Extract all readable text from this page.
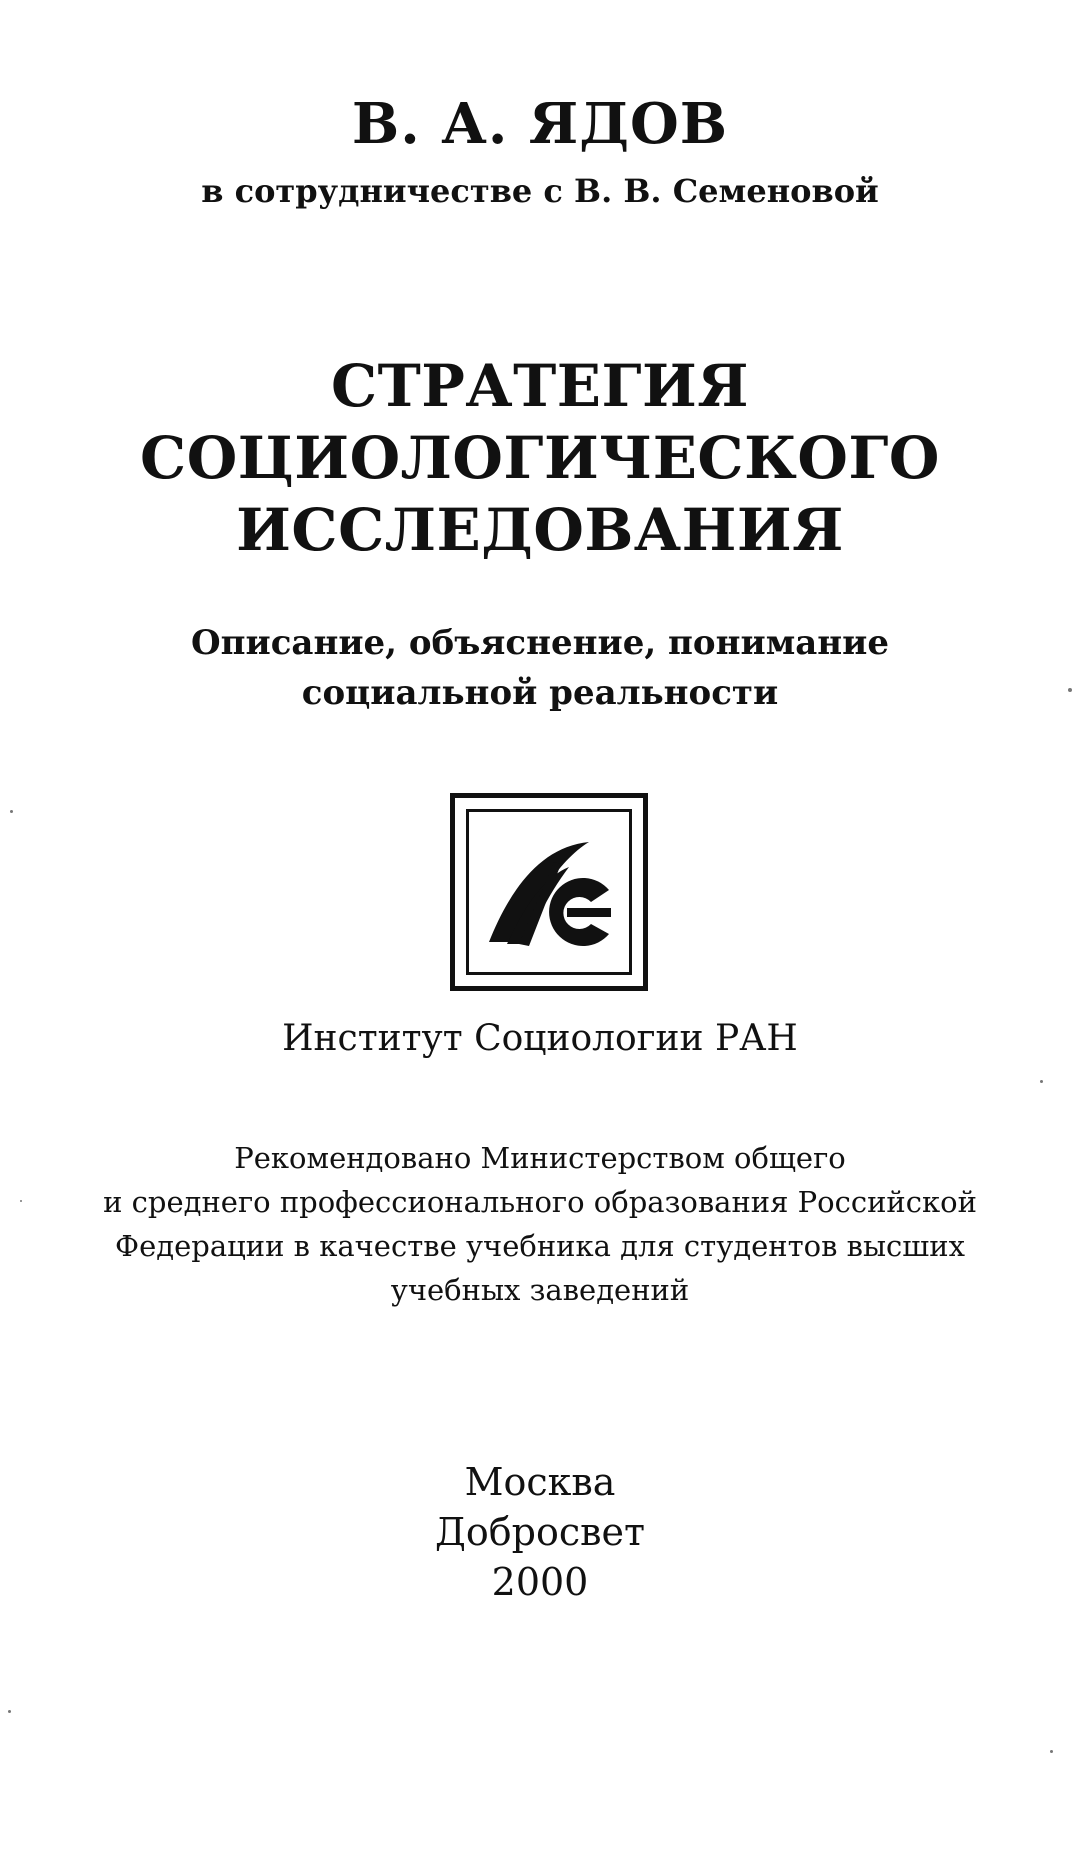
В. А. ЯДОВ
в сотрудничестве с В. В. Семеновой
СТРАТЕГИЯ
СОЦИОЛОГИЧЕСКОГО
ИССЛЕДОВАНИЯ
Описание, объяснение, понимание
социальной реальности
Институт Социологии РАН
Рекомендовано Министерством общего
и среднего профессионального образования Российской
Федерации в качестве учебника для студентов высших
учебных заведений
Москва
Добросвет
2000
